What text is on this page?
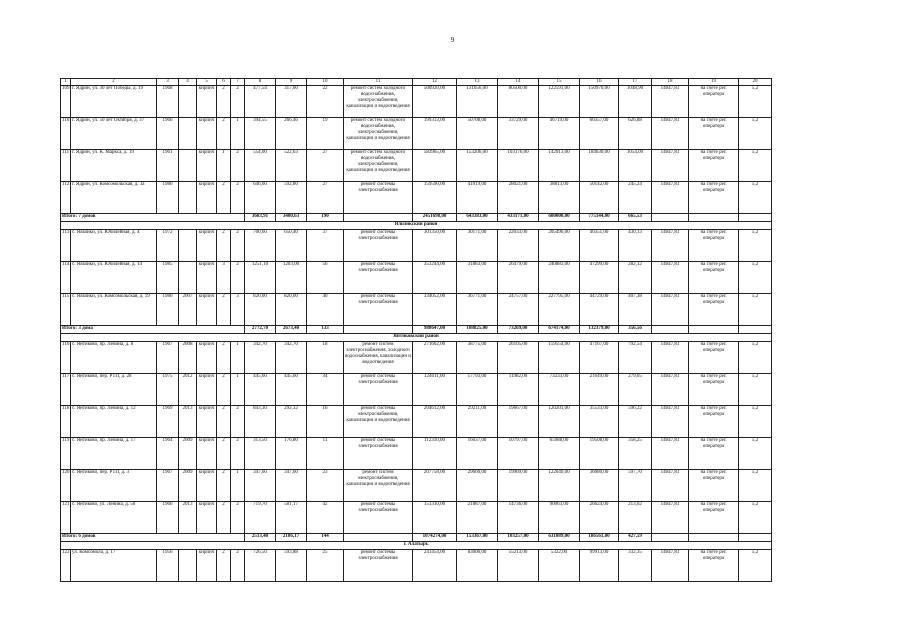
9
1	2	3	4	5	6	7	8	9	10	11	12	13	14	15	16	17	18	19	20
109	г. Ядрин, ул. 30 лет Победы, д. 19	1968		кирпич	2	2	477,54	317,00	22	ремонт систем холодного водоснабжения, электроснабжения, канализации и водоотведения	500920,00	131656,00	80500,00	122591,00	150970,00	1048,90	14047,81	на счете рег. оператора	5,2
110	г. Ядрин, ул. 50 лет Октября, д. 37	1966		кирпич	2	1	394,55	266,46	19	ремонт систем холодного водоснабжения, электроснабжения, канализации и водоотведения	199313,00	50708,00	33729,00	46719,00	60357,00	626,88	14047,81	на счете рег. оператора	5,2
111	г. Ядрин, ул. К. Маркса, д. 19	1961		кирпич	1	2	554,00	522,63	27	ремонт систем холодного водоснабжения, электроснабжения, канализации и водоотведения	583965,00	153206,00	103176,00	142913,00	184630,00	1054,09	14047,81	на счете рег. оператора	5,2
112	г. Ядрин, ул. Комсомольская, д. 3а	1980		кирпич	2	2	646,60	592,80	27	ремонт системы электроснабжения	159590,00	41019,00	28021,00	38813,00	50142,00	245,24	14047,81	на счете рег. оператора	5,2
Итого: 7 домов							3683,91	3400,63	190		2451698,00	643383,00	433171,00	600000,00	775144,00	665,53			
Яльчикский район																			
113	с. Яльчики, ул. Юбилейная, д. 4	1972		кирпич	2	2	700,60	650,40	37	ремонт системы электроснабжения	301350,00	30171,00	22033,00	205496,00	40351,00	430,13	14047,81	на счете рег. оператора	5,2
114	с. Яльчики, ул. Юбилейная, д. 14	1985		кирпич	3	2	1251,10	1203,00	56	ремонт системы электроснабжения	353244,00	31883,00	26479,00	240883,00	47299,00	282,12	14047,81	на счете рег. оператора	5,2
115	с. Яльчики, ул. Комсомольская, д. 19	1980	2007	кирпич	2	3	820,00	820,00	40	ремонт системы электроснабжения	334052,00	36771,00	24757,00	227795,00	44729,00	407,38	14047,81	на счете рег. оператора	5,2
Итого: 3 дома							2772,70	2673,40	133		988647,00	108825,00	73269,00	674174,00	132379,00	356,56			
Янтиковский район																			
116	с. Янтиково, пр. Ленина, д. 8	1967	2008	кирпич	2	1	342,70	342,70	18	ремонт систем электроснабжения, холодного водоснабжения, канализации и водоотведения	271602,00	38775,00	26105,00	159554,00	47167,00	792,54	14047,81	на счете рег. оператора	5,2
117	с. Янтиково, пер. РТП, д. 28	1975	2012	кирпич	2	1	445,60	445,60	34	ремонт системы электроснабжения	124611,00	17793,00	11982,00	73233,00	21649,00	279,65	14047,81	на счете рег. оператора	5,2
118	с. Янтиково, пр. Ленина, д. 12	1969	2013	кирпич	2	2	843,30	292,32	16	ремонт системы электроснабжения, канализации и водоотведения	204612,00	29211,00	19667,00	120201,00	35533,00	596,22	14047,81	на счете рег. оператора	5,2
119	с. Янтиково, пр. Ленина, д. 17	1964	2009	кирпич	2	2	313,50	176,80	11	ремонт системы электроснабжения	112310,00	16037,00	10797,00	65988,00	19508,00	358,25	14047,81	на счете рег. оператора	5,2
120	с. Янтиково, пер. РТП, д. 3	1967	2009	кирпич	2	1	347,60	347,60	23	ремонт систем электроснабжения, канализации и водоотведения	207758,00	29660,00	19969,00	122049,00	36080,00	597,70	14047,81	на счете рег. оператора	5,2
121	с. Янтиково, ул. Ленина, д. 50	1966	2013	кирпич	2	2	719,70	581,17	42	ремонт системы электроснабжения	153310,00	21887,00	14736,00	90063,00	26624,00	213,02	14047,81	на счете рег. оператора	5,2
Итого: 6 домов							2513,40	2186,17	144		1074274,00	153367,00	103257,00	631089,00	186561,00	427,59			
г. Алатырь																			
122	ул. Комсомола, д. 17	1956		кирпич	2	2	726,50	593,88	25	ремонт системы электроснабжения	241454,00	83006,00	55213,00	5322,00	99913,00	332,35	14047,81	на счете рег. оператора	5,2
